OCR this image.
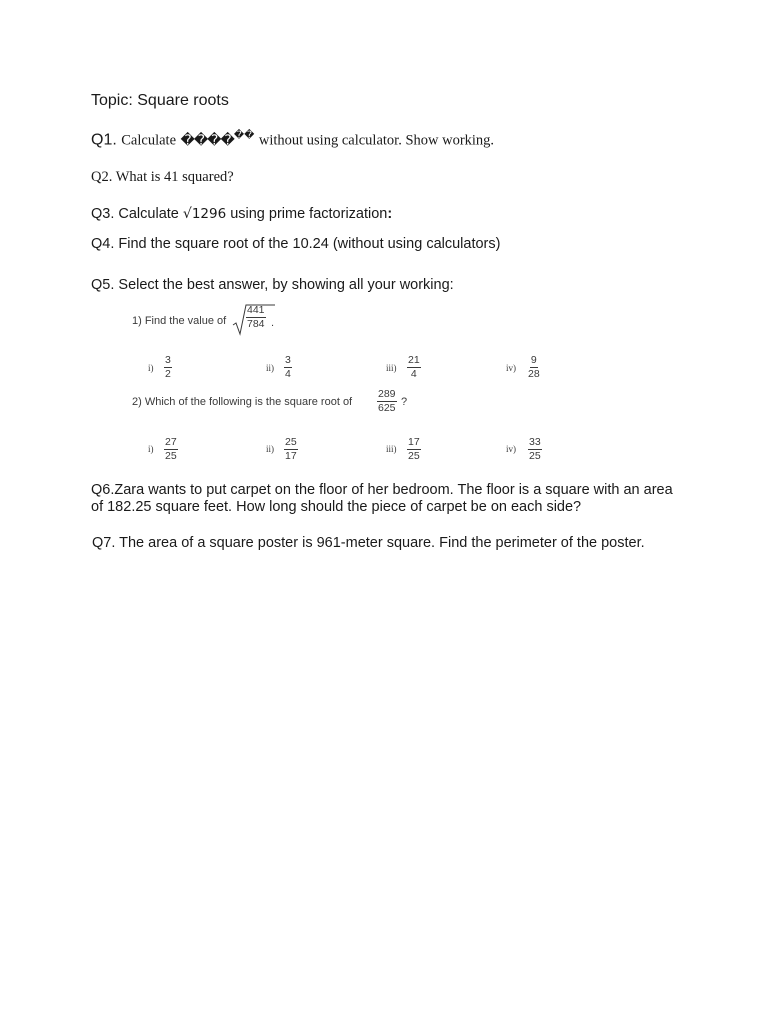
Topic: Square roots
Q1. Calculate ������ without using calculator. Show working.
Q2. What is 41 squared?
Q3. Calculate √1296 using prime factorization:
Q4. Find the square root of the 10.24 (without using calculators)
Q5. Select the best answer, by showing all your working:
1) Find the value of $\frac{441}{784}$ .
$i) \frac{3}{2}$	$ii) \frac{3}{4}$	$iii) \frac{21}{4}$	$iv) \frac{9}{28}$
2) Which of the following is the square root of $\frac{289}{625}$ ?
$i) \frac{27}{25}$	$ii) \frac{25}{17}$	$iii) \frac{17}{25}$	$iv) \frac{33}{25}$
Q6.Zara wants to put carpet on the floor of her bedroom. The floor is a square with an area of 182.25 square feet. How long should the piece of carpet be on each side?
Q7. The area of a square poster is 961-meter square. Find the perimeter of the poster.
